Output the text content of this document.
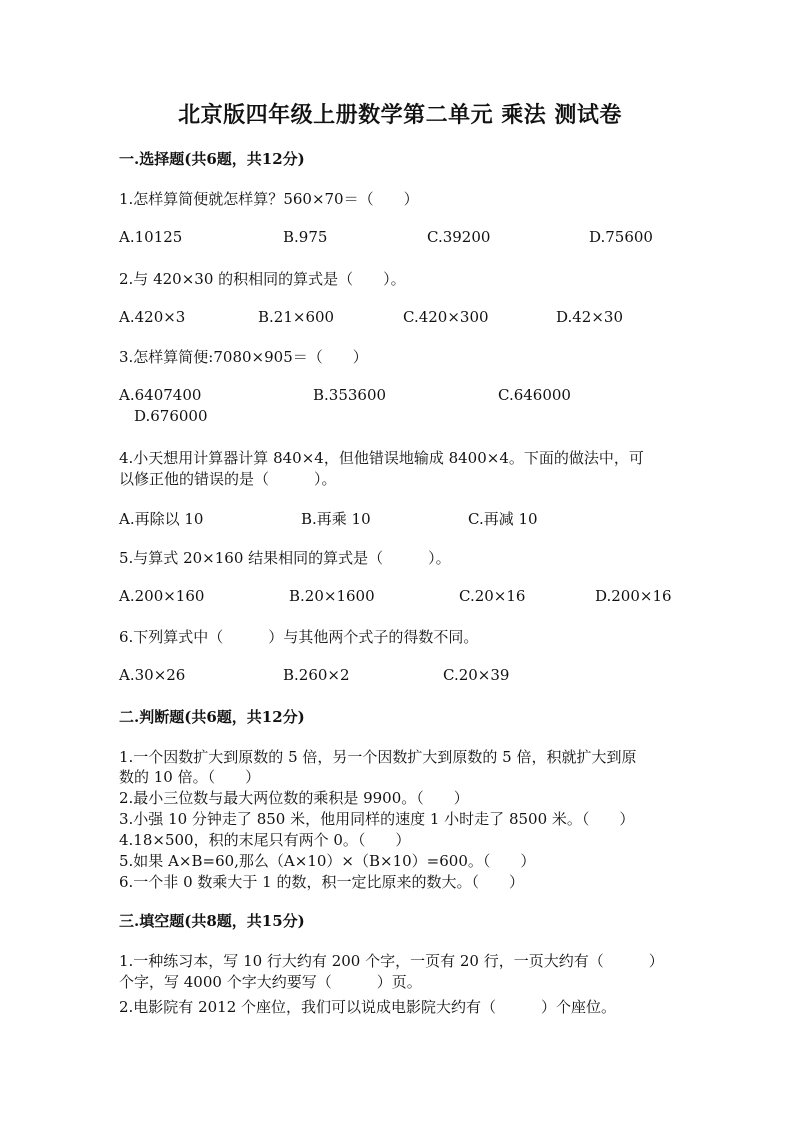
北京版四年级上册数学第二单元 乘法 测试卷
一.选择题(共6题，共12分)
1.怎样算简便就怎样算？560×70＝（　　）
A.10125	B.975	C.39200	D.75600
2.与 420×30 的积相同的算式是（　　）。
A.420×3	B.21×600	C.420×300	D.42×30
3.怎样算简便:7080×905＝（　　）
A.6407400	B.353600	C.646000
D.676000
4.小天想用计算器计算 840×4，但他错误地输成 8400×4。下面的做法中，可
以修正他的错误的是（　　　）。
A.再除以 10	B.再乘 10	C.再减 10
5.与算式 20×160 结果相同的算式是（　　　）。
A.200×160	B.20×1600	C.20×16	D.200×16
6.下列算式中（　　　）与其他两个式子的得数不同。
A.30×26	B.260×2	C.20×39
二.判断题(共6题，共12分)
1.一个因数扩大到原数的 5 倍，另一个因数扩大到原数的 5 倍，积就扩大到原
数的 10 倍。（　　）
2.最小三位数与最大两位数的乘积是 9900。（　　）
3.小强 10 分钟走了 850 米，他用同样的速度 1 小时走了 8500 米。（　　）
4.18×500，积的末尾只有两个 0。（　　）
5.如果 A×B=60,那么（A×10）×（B×10）=600。（　　）
6.一个非 0 数乘大于 1 的数，积一定比原来的数大。（　　）
三.填空题(共8题，共15分)
1.一种练习本，写 10 行大约有 200 个字，一页有 20 行，一页大约有（　　　）
个字，写 4000 个字大约要写（　　　）页。
2.电影院有 2012 个座位，我们可以说成电影院大约有（　　　）个座位。
